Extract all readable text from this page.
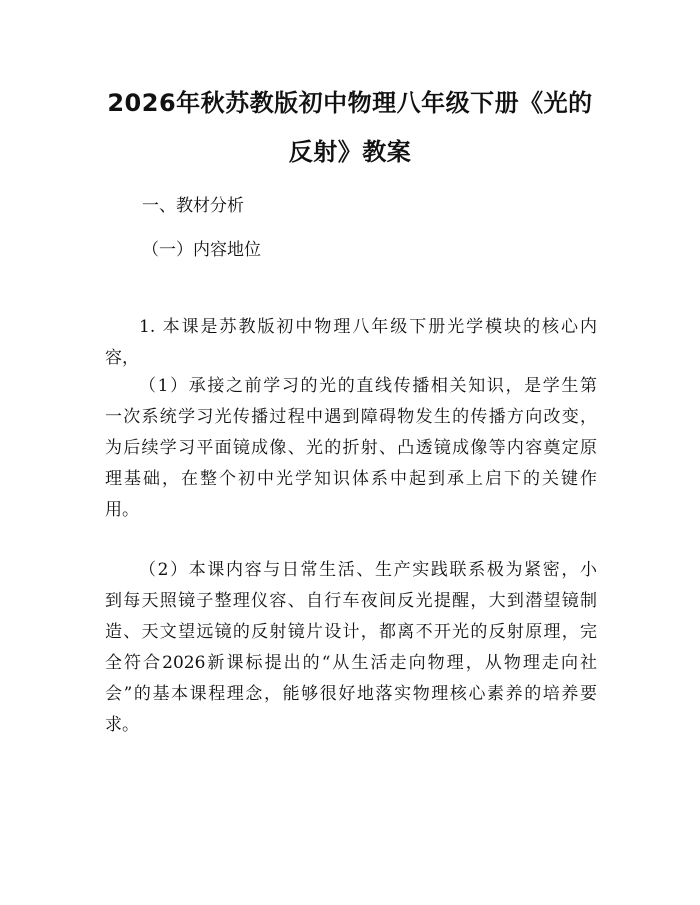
2026年秋苏教版初中物理八年级下册《光的
反射》教案

一、教材分析

（一）内容地位

1. 本课是苏教版初中物理八年级下册光学模块的核心内
容，

（1）承接之前学习的光的直线传播相关知识，是学生第
一次系统学习光传播过程中遇到障碍物发生的传播方向改变，
为后续学习平面镜成像、光的折射、凸透镜成像等内容奠定原
理基础，在整个初中光学知识体系中起到承上启下的关键作
用。

（2）本课内容与日常生活、生产实践联系极为紧密，小
到每天照镜子整理仪容、自行车夜间反光提醒，大到潜望镜制
造、天文望远镜的反射镜片设计，都离不开光的反射原理，完
全符合2026新课标提出的“从生活走向物理，从物理走向社
会”的基本课程理念，能够很好地落实物理核心素养的培养要
求。
